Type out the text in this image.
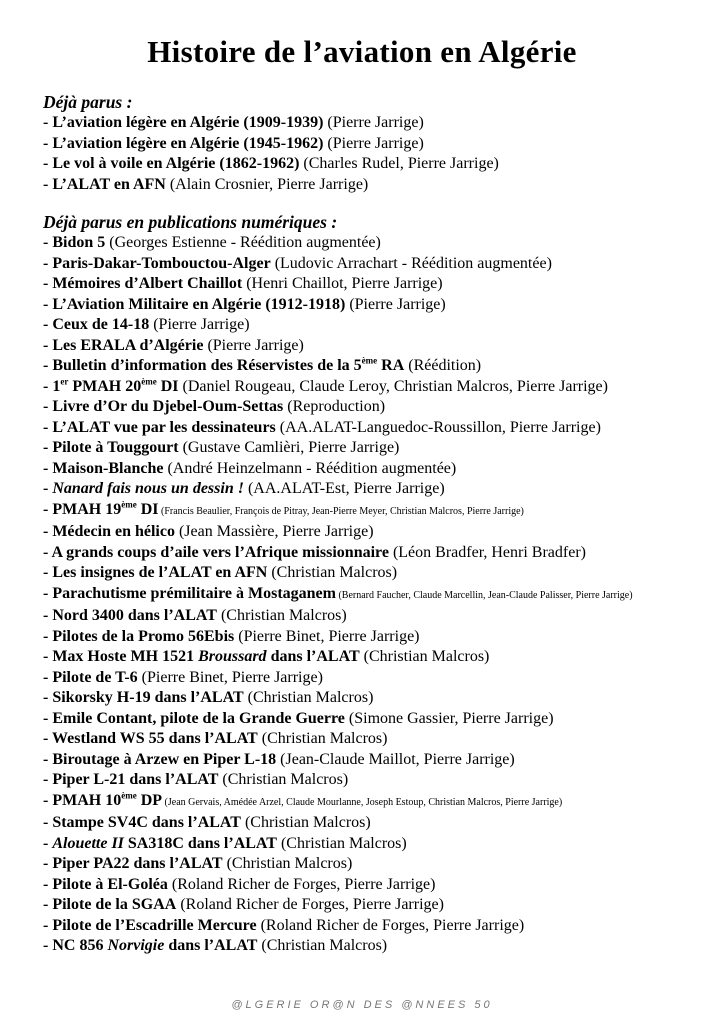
Histoire de l’aviation en Algérie
Déjà parus :
- L’aviation légère en Algérie (1909-1939) (Pierre Jarrige)
- L’aviation légère en Algérie (1945-1962) (Pierre Jarrige)
- Le vol à voile en Algérie (1862-1962) (Charles Rudel, Pierre Jarrige)
- L’ALAT en AFN (Alain Crosnier, Pierre Jarrige)
Déjà parus en publications numériques :
- Bidon 5 (Georges Estienne - Réédition augmentée)
- Paris-Dakar-Tombouctou-Alger (Ludovic Arrachart - Réédition augmentée)
- Mémoires d’Albert Chaillot (Henri Chaillot, Pierre Jarrige)
- L’Aviation Militaire en Algérie (1912-1918) (Pierre Jarrige)
- Ceux de 14-18 (Pierre Jarrige)
- Les ERALA d’Algérie (Pierre Jarrige)
- Bulletin d’information des Réservistes de la 5ème RA (Réédition)
- 1er PMAH 20ème DI (Daniel Rougeau, Claude Leroy, Christian Malcros, Pierre Jarrige)
- Livre d’Or du Djebel-Oum-Settas (Reproduction)
- L’ALAT vue par les dessinateurs (AA.ALAT-Languedoc-Roussillon, Pierre Jarrige)
- Pilote à Touggourt (Gustave Camlièri, Pierre Jarrige)
- Maison-Blanche (André Heinzelmann - Réédition augmentée)
- Nanard fais nous un dessin ! (AA.ALAT-Est, Pierre Jarrige)
- PMAH 19ème DI (Francis Beaulier, François de Pitray, Jean-Pierre Meyer, Christian Malcros, Pierre Jarrige)
- Médecin en hélico (Jean Massière, Pierre Jarrige)
- A grands coups d’aile vers l’Afrique missionnaire (Léon Bradfer, Henri Bradfer)
- Les insignes de l’ALAT en AFN (Christian Malcros)
- Parachutisme prémilitaire à Mostaganem (Bernard Faucher, Claude Marcellin, Jean-Claude Palisser, Pierre Jarrige)
- Nord 3400 dans l’ALAT (Christian Malcros)
- Pilotes de la Promo 56Ebis (Pierre Binet, Pierre Jarrige)
- Max Hoste MH 1521 Broussard dans l’ALAT (Christian Malcros)
- Pilote de T-6 (Pierre Binet, Pierre Jarrige)
- Sikorsky H-19 dans l’ALAT (Christian Malcros)
- Emile Contant, pilote de la Grande Guerre (Simone Gassier, Pierre Jarrige)
- Westland WS 55 dans l’ALAT (Christian Malcros)
- Biroutage à Arzew en Piper L-18 (Jean-Claude Maillot, Pierre Jarrige)
- Piper L-21 dans l’ALAT (Christian Malcros)
- PMAH 10ème DP (Jean Gervais, Amédée Arzel, Claude Mourlanne, Joseph Estoup, Christian Malcros, Pierre Jarrige)
- Stampe SV4C dans l’ALAT (Christian Malcros)
- Alouette II SA318C dans l’ALAT (Christian Malcros)
- Piper PA22 dans l’ALAT (Christian Malcros)
- Pilote à El-Goléa (Roland Richer de Forges, Pierre Jarrige)
- Pilote de la SGAA (Roland Richer de Forges, Pierre Jarrige)
- Pilote de l’Escadrille Mercure (Roland Richer de Forges, Pierre Jarrige)
- NC 856 Norvigie dans l’ALAT (Christian Malcros)
@LGERIE OR@N DES @NNEES 50
